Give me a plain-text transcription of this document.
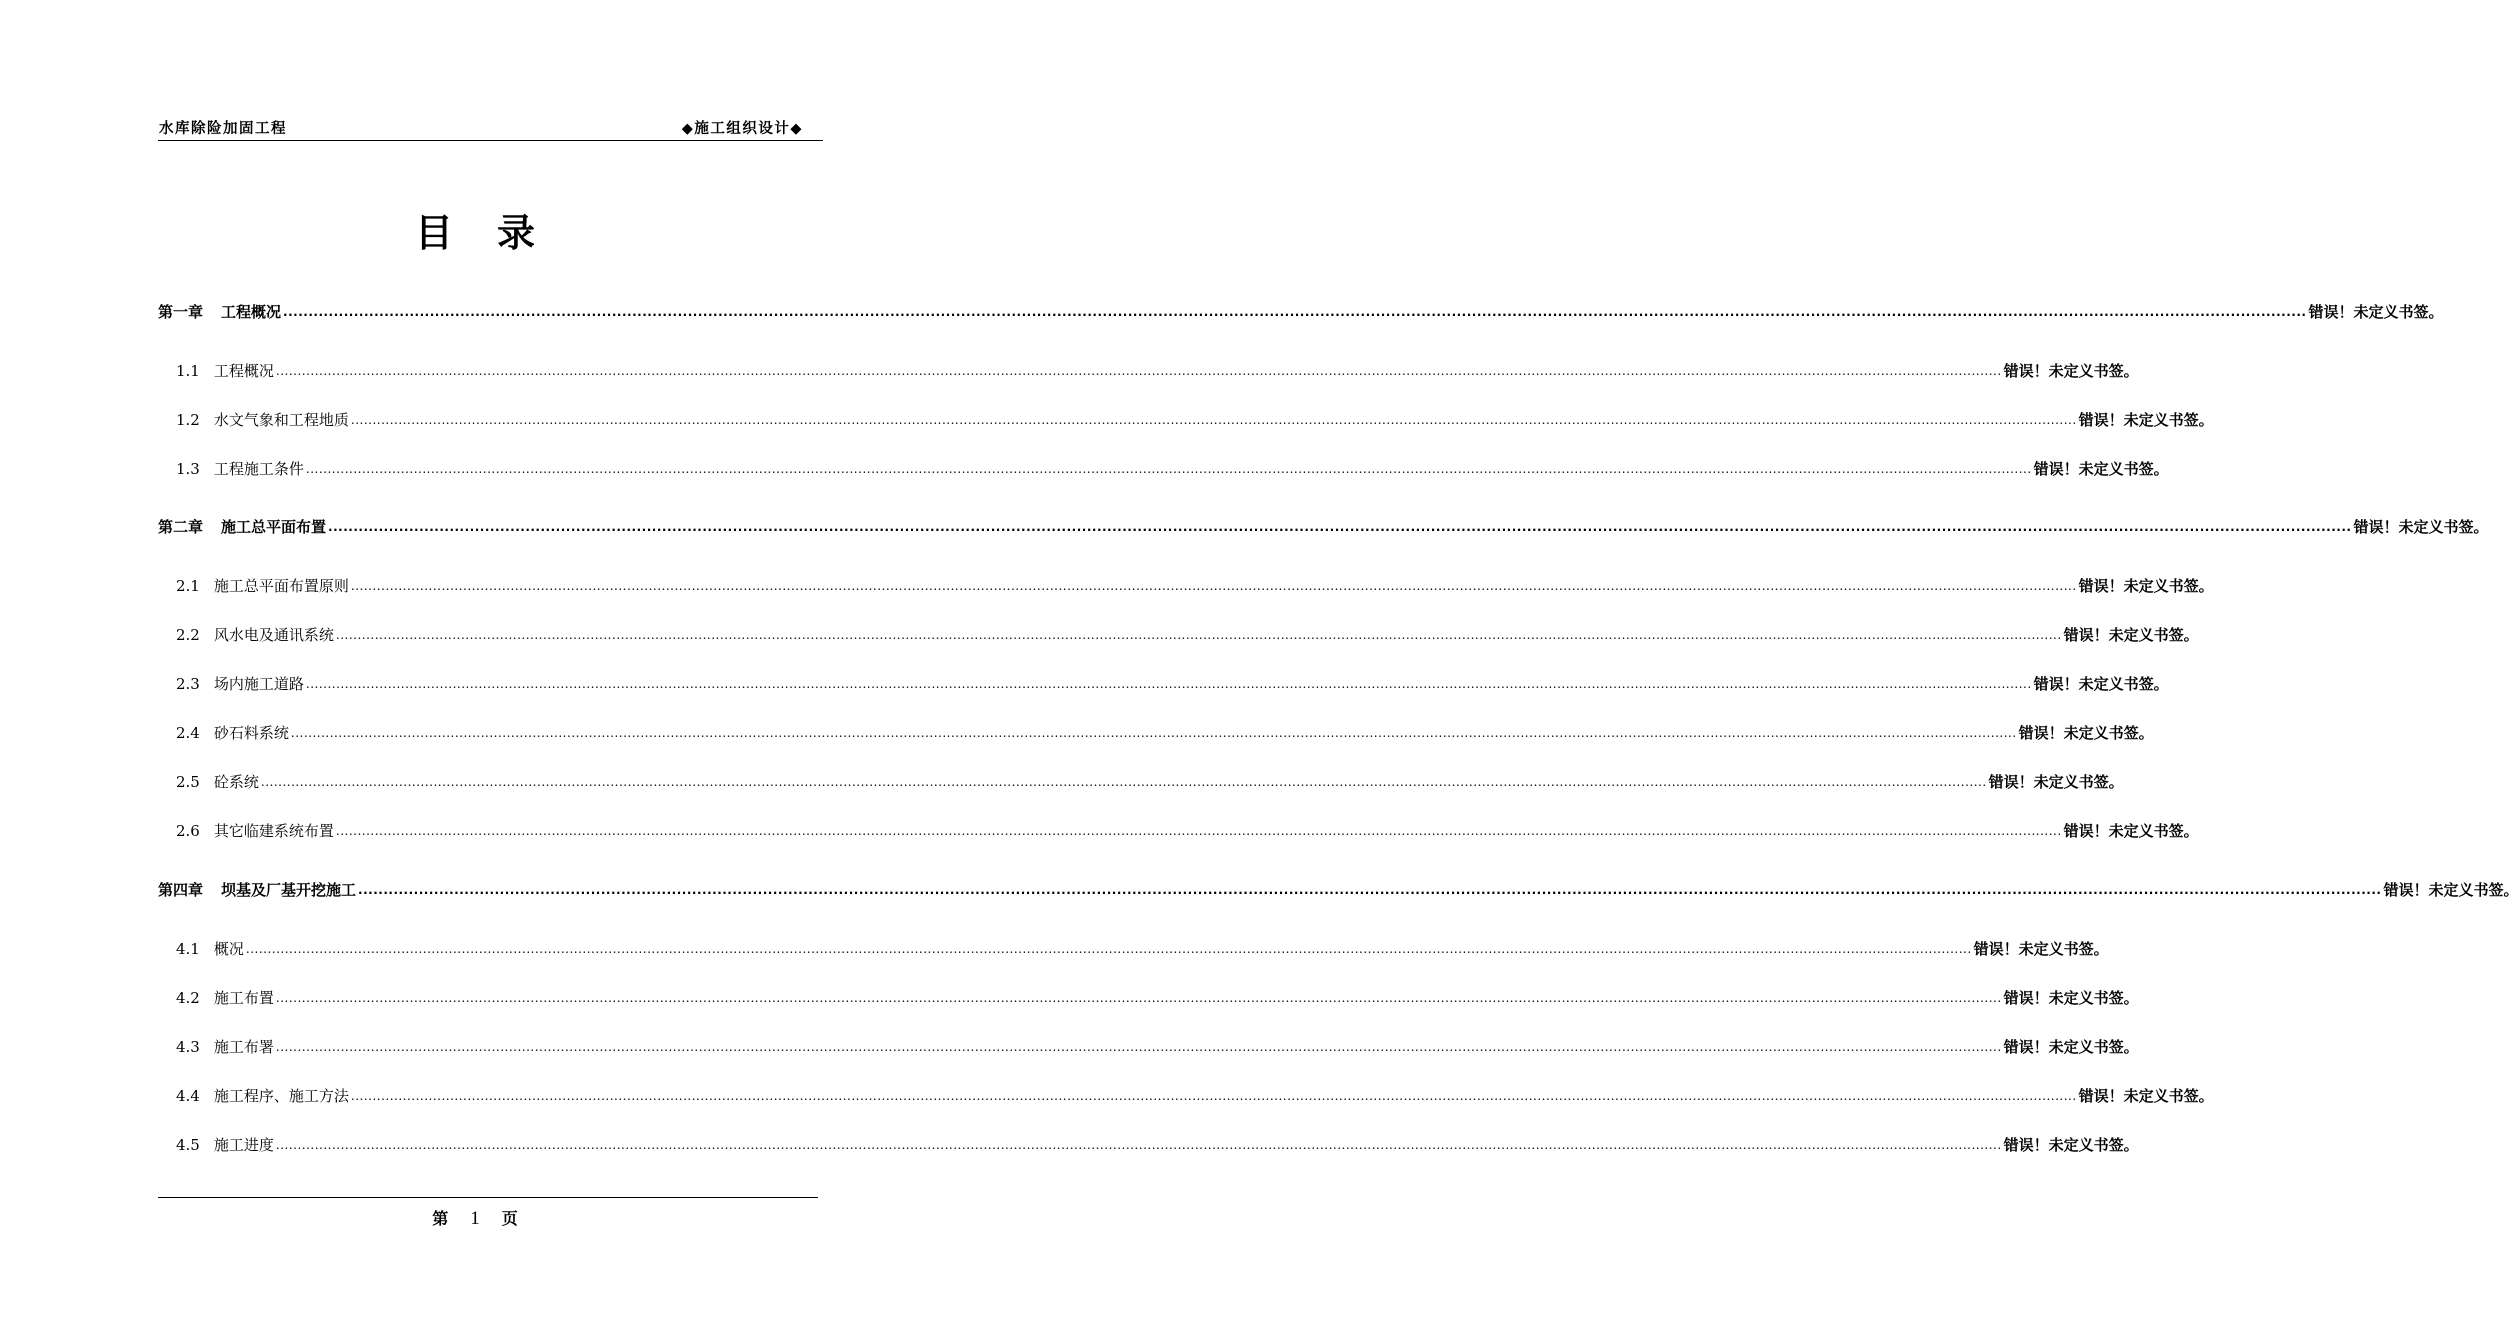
水库除险加固工程	◆施工组织设计◆
目录
第一章 工程概况 ................................................................................................................................................................................................................................................................................................................................................................................................................ 错误！未定义书签。
1.1 工程概况 ................................................................................................................................................................................................................................................................................................................................................................................................................ 错误！未定义书签。
1.2 水文气象和工程地质 ................................................................................................................................................................................................................................................................................................................................................................................................................ 错误！未定义书签。
1.3 工程施工条件 ................................................................................................................................................................................................................................................................................................................................................................................................................ 错误！未定义书签。
第二章 施工总平面布置 ................................................................................................................................................................................................................................................................................................................................................................................................................ 错误！未定义书签。
2.1 施工总平面布置原则 ................................................................................................................................................................................................................................................................................................................................................................................................................ 错误！未定义书签。
2.2 风水电及通讯系统 ................................................................................................................................................................................................................................................................................................................................................................................................................ 错误！未定义书签。
2.3 场内施工道路 ................................................................................................................................................................................................................................................................................................................................................................................................................ 错误！未定义书签。
2.4 砂石料系统 ................................................................................................................................................................................................................................................................................................................................................................................................................ 错误！未定义书签。
2.5 砼系统 ................................................................................................................................................................................................................................................................................................................................................................................................................ 错误！未定义书签。
2.6 其它临建系统布置 ................................................................................................................................................................................................................................................................................................................................................................................................................ 错误！未定义书签。
第四章 坝基及厂基开挖施工 ................................................................................................................................................................................................................................................................................................................................................................................................................ 错误！未定义书签。
4.1 概况 ................................................................................................................................................................................................................................................................................................................................................................................................................ 错误！未定义书签。
4.2 施工布置 ................................................................................................................................................................................................................................................................................................................................................................................................................ 错误！未定义书签。
4.3 施工布署 ................................................................................................................................................................................................................................................................................................................................................................................................................ 错误！未定义书签。
4.4 施工程序、施工方法 ................................................................................................................................................................................................................................................................................................................................................................................................................ 错误！未定义书签。
4.5 施工进度 ................................................................................................................................................................................................................................................................................................................................................................................................................ 错误！未定义书签。
第 1 页
